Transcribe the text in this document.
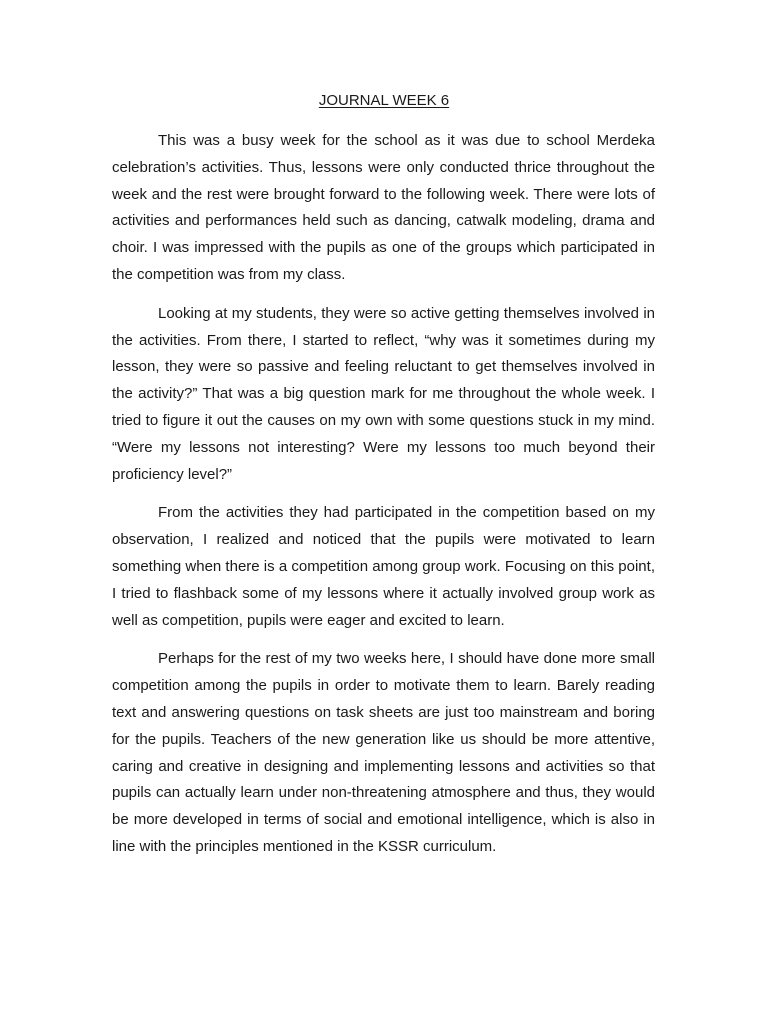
JOURNAL WEEK 6

This was a busy week for the school as it was due to school Merdeka celebration’s activities. Thus, lessons were only conducted thrice throughout the week and the rest were brought forward to the following week. There were lots of activities and performances held such as dancing, catwalk modeling, drama and choir. I was impressed with the pupils as one of the groups which participated in the competition was from my class.

Looking at my students, they were so active getting themselves involved in the activities. From there, I started to reflect, “why was it sometimes during my lesson, they were so passive and feeling reluctant to get themselves involved in the activity?” That was a big question mark for me throughout the whole week. I tried to figure it out the causes on my own with some questions stuck in my mind. “Were my lessons not interesting? Were my lessons too much beyond their proficiency level?”

From the activities they had participated in the competition based on my observation, I realized and noticed that the pupils were motivated to learn something when there is a competition among group work. Focusing on this point, I tried to flashback some of my lessons where it actually involved group work as well as competition, pupils were eager and excited to learn.

Perhaps for the rest of my two weeks here, I should have done more small competition among the pupils in order to motivate them to learn. Barely reading text and answering questions on task sheets are just too mainstream and boring for the pupils. Teachers of the new generation like us should be more attentive, caring and creative in designing and implementing lessons and activities so that pupils can actually learn under non-threatening atmosphere and thus, they would be more developed in terms of social and emotional intelligence, which is also in line with the principles mentioned in the KSSR curriculum.
